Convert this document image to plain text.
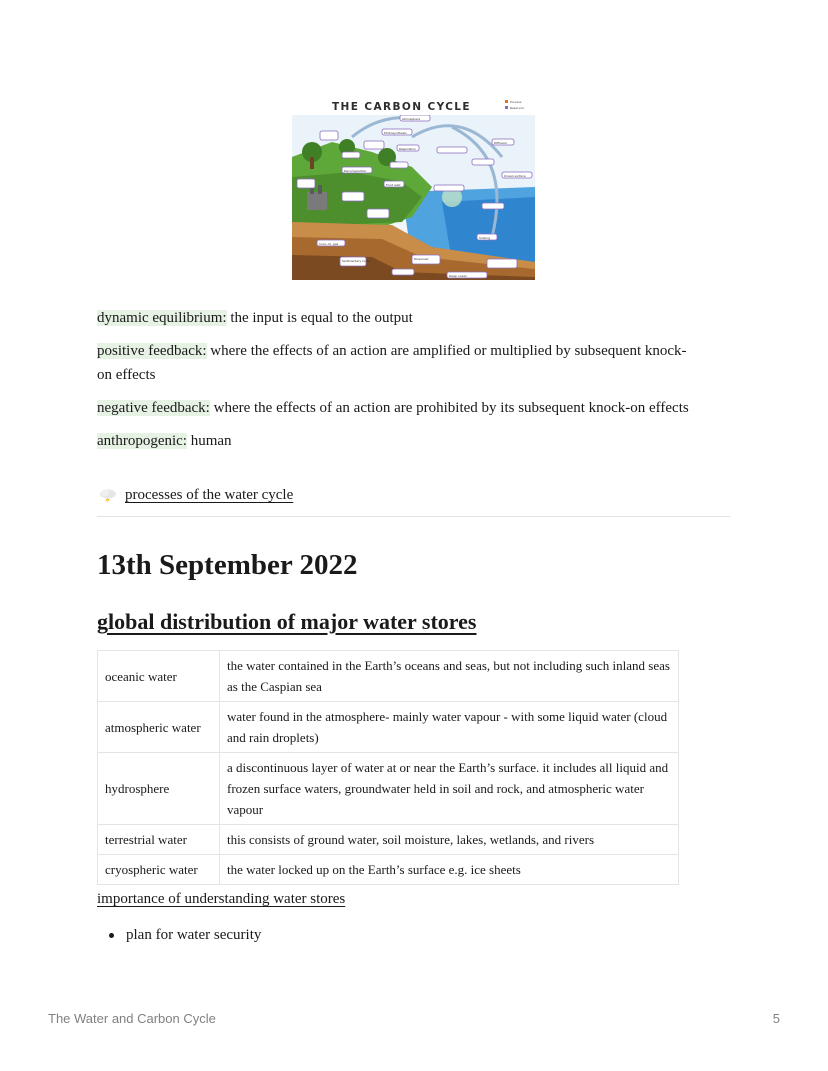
THE CARBON CYCLE	Process
Reservoir
Atmosphere
Photosynthesis
Respiration
Diffusion
Decomposition
Food web
Ocean surface
Sinking
Dissolved
Coal, oil, gas
Sedimentary rocks
Deep ocean

dynamic equilibrium: the input is equal to the output

positive feedback: where the effects of an action are amplified or multiplied by subsequent knock-on effects

negative feedback: where the effects of an action are prohibited by its subsequent knock-on effects

anthropogenic: human

processes of the water cycle
13th September 2022
global distribution of major water stores
oceanic water	the water contained in the Earth’s oceans and seas, but not including such inland seas as the Caspian sea
atmospheric water	water found in the atmosphere- mainly water vapour - with some liquid water (cloud and rain droplets)
hydrosphere	a discontinuous layer of water at or near the Earth’s surface. it includes all liquid and frozen surface waters, groundwater held in soil and rock, and atmospheric water vapour
terrestrial water	this consists of ground water, soil moisture, lakes, wetlands, and rivers
cryospheric water	the water locked up on the Earth’s surface e.g. ice sheets
importance of understanding water stores
plan for water security
The Water and Carbon Cycle	5
